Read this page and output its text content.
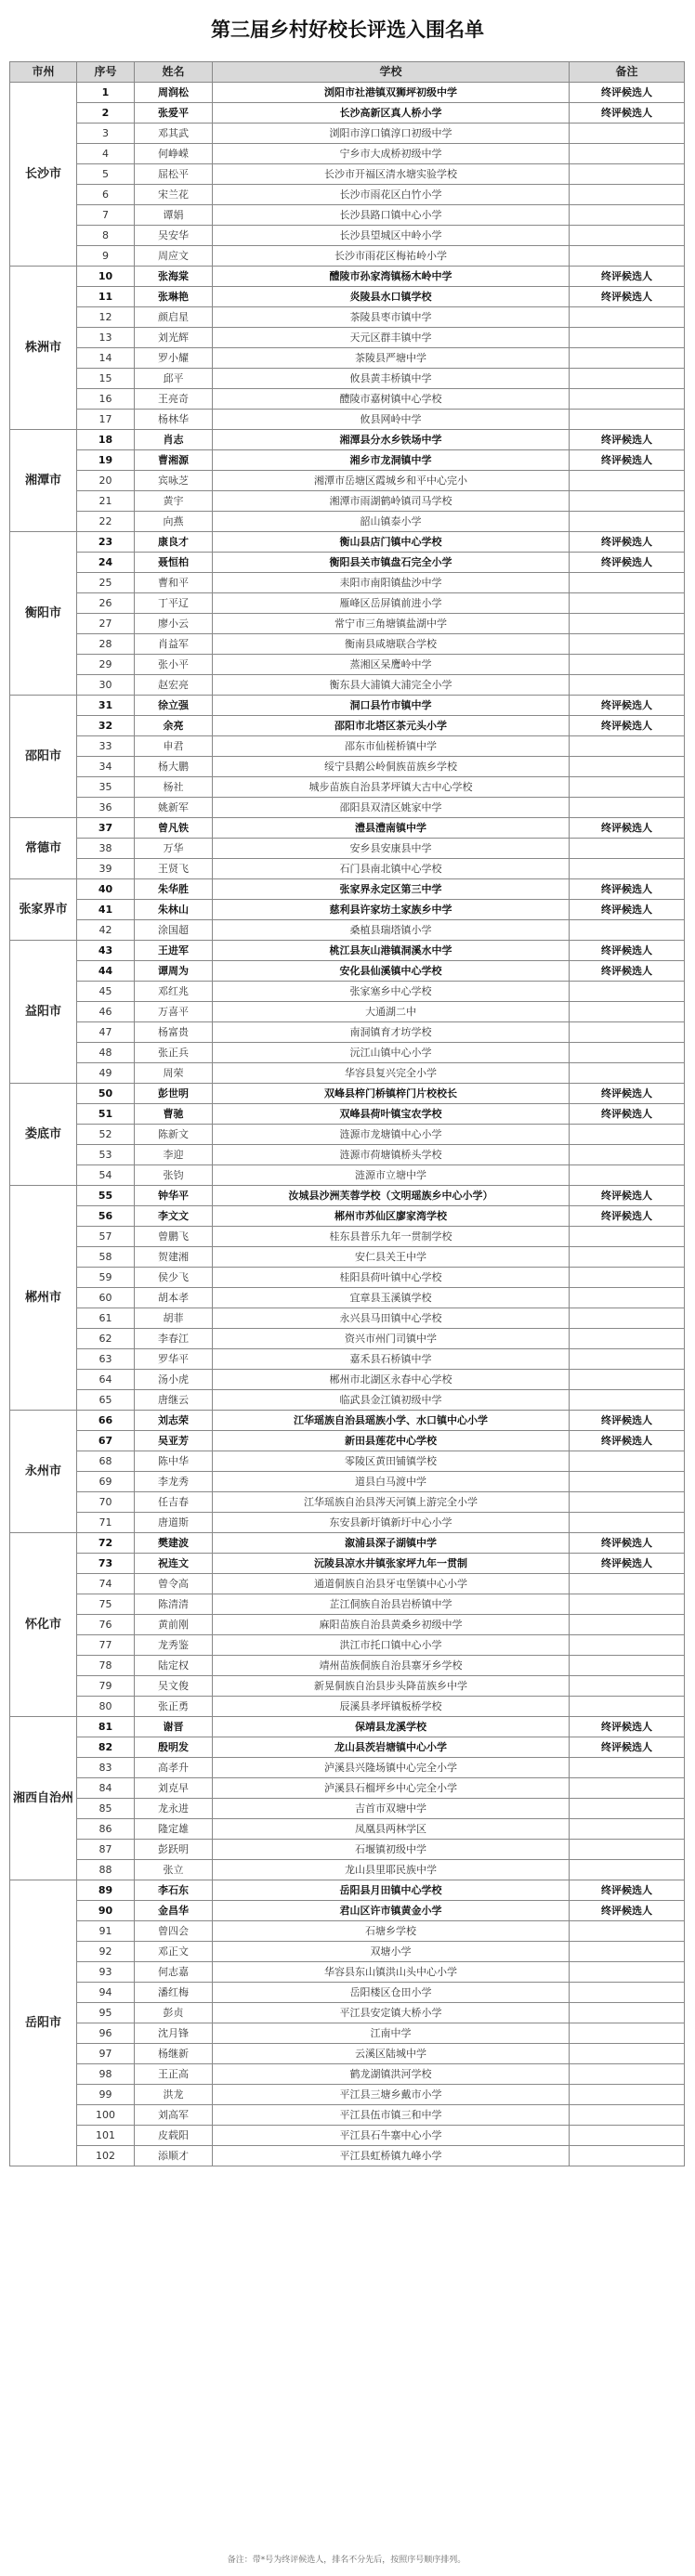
第三届乡村好校长评选入围名单
市州	序号	姓名	学校	备注
长沙市	1	周润松	浏阳市社港镇双狮坪初级中学	终评候选人
	2	张爱平	长沙高新区真人桥小学	终评候选人
	3	邓其武	浏阳市淳口镇淳口初级中学	
	4	何峥嵘	宁乡市大成桥初级中学	
	5	屈松平	长沙市开福区清水塘实验学校	
	6	宋兰花	长沙市雨花区白竹小学	
	7	谭娟	长沙县路口镇中心小学	
	8	吴安华	长沙县望城区中岭小学	
	9	周应文	长沙市雨花区梅祐岭小学	
株洲市	10	张海棠	醴陵市孙家湾镇杨木岭中学	终评候选人
	11	张琳艳	炎陵县水口镇学校	终评候选人
	12	颜启星	茶陵县枣市镇中学	
	13	刘光辉	天元区群丰镇中学	
	14	罗小耀	茶陵县严塘中学	
	15	邱平	攸县黄丰桥镇中学	
	16	王亮奇	醴陵市嘉树镇中心学校	
	17	杨林华	攸县网岭中学	
湘潭市	18	肖志	湘潭县分水乡铁场中学	终评候选人
	19	曹湘源	湘乡市龙洞镇中学	终评候选人
	20	宾咏芝	湘潭市岳塘区霞城乡和平中心完小	
	21	黄宇	湘潭市雨湖鹤岭镇司马学校	
	22	向燕	韶山镇泰小学	
衡阳市	23	康良才	衡山县店门镇中心学校	终评候选人
	24	聂恒柏	衡阳县关市镇盘石完全小学	终评候选人
	25	曹和平	耒阳市南阳镇盐沙中学	
	26	丁平辽	雁峰区岳屏镇前进小学	
	27	廖小云	常宁市三角塘镇盐湖中学	
	28	肖益军	衡南县咸塘联合学校	
	29	张小平	蒸湘区呆鹰岭中学	
	30	赵宏亮	衡东县大浦镇大浦完全小学	
邵阳市	31	徐立强	洞口县竹市镇中学	终评候选人
	32	余亮	邵阳市北塔区茶元头小学	终评候选人
	33	申君	邵东市仙槎桥镇中学	
	34	杨大鹏	绥宁县鹅公岭侗族苗族乡学校	
	35	杨社	城步苗族自治县茅坪镇大古中心学校	
	36	姚新军	邵阳县双清区姚家中学	
常德市	37	曾凡铁	澧县澧南镇中学	终评候选人
	38	万华	安乡县安康县中学	
	39	王贤飞	石门县南北镇中心学校	
张家界市	40	朱华胜	张家界永定区第三中学	终评候选人
	41	朱林山	慈利县许家坊土家族乡中学	终评候选人
	42	涂国超	桑植县瑞塔镇小学	
益阳市	43	王进军	桃江县灰山港镇洞溪水中学	终评候选人
	44	谭周为	安化县仙溪镇中心学校	终评候选人
	45	邓红兆	张家塞乡中心学校	
	46	万喜平	大通湖二中	
	47	杨富贵	南洞镇育才坊学校	
	48	张正兵	沅江山镇中心小学	
	49	周荣	华容县复兴完全小学	
娄底市	50	彭世明	双峰县梓门桥镇梓门片校校长	终评候选人
	51	曹驰	双峰县荷叶镇宝农学校	终评候选人
	52	陈新文	涟源市龙塘镇中心小学	
	53	李迎	涟源市荷塘镇桥头学校	
	54	张钧	涟源市立塘中学	
郴州市	55	钟华平	汝城县沙洲芙蓉学校（文明瑶族乡中心小学）	终评候选人
	56	李文文	郴州市苏仙区廖家湾学校	终评候选人
	57	曾鹏飞	桂东县普乐九年一贯制学校	
	58	贺建湘	安仁县关王中学	
	59	侯少飞	桂阳县荷叶镇中心学校	
	60	胡本孝	宜章县玉溪镇学校	
	61	胡菲	永兴县马田镇中心学校	
	62	李春江	资兴市州门司镇中学	
	63	罗华平	嘉禾县石桥镇中学	
	64	汤小虎	郴州市北湖区永春中心学校	
	65	唐继云	临武县金江镇初级中学	
永州市	66	刘志荣	江华瑶族自治县瑶族小学、水口镇中心小学	终评候选人
	67	吴亚芳	新田县莲花中心学校	终评候选人
	68	陈中华	零陵区黄田铺镇学校	
	69	李龙秀	道县白马渡中学	
	70	任吉春	江华瑶族自治县涔天河镇上游完全小学	
	71	唐道斯	东安县新圩镇新圩中心小学	
怀化市	72	樊建波	溆浦县深子湖镇中学	终评候选人
	73	祝连文	沅陵县凉水井镇张家坪九年一贯制	终评候选人
	74	曾令高	通道侗族自治县牙屯堡镇中心小学	
	75	陈清清	芷江侗族自治县岩桥镇中学	
	76	黄前刚	麻阳苗族自治县黄桑乡初级中学	
	77	龙秀鉴	洪江市托口镇中心小学	
	78	陆定权	靖州苗族侗族自治县寨牙乡学校	
	79	吴文俊	新晃侗族自治县步头降苗族乡中学	
	80	张正勇	辰溪县孝坪镇板桥学校	
湘西自治州	81	谢晋	保靖县龙溪学校	终评候选人
	82	殷明发	龙山县茨岩塘镇中心小学	终评候选人
	83	高孝升	泸溪县兴隆场镇中心完全小学	
	84	刘克早	泸溪县石榴坪乡中心完全小学	
	85	龙永进	吉首市双塘中学	
	86	隆定雄	凤凰县两林学区	
	87	彭跃明	石堰镇初级中学	
	88	张立	龙山县里耶民族中学	
岳阳市	89	李石东	岳阳县月田镇中心学校	终评候选人
	90	金昌华	君山区许市镇黄金小学	终评候选人
	91	曾四会	石塘乡学校	
	92	邓正文	双塘小学	
	93	何志嘉	华容县东山镇洪山头中心小学	
	94	潘红梅	岳阳楼区仓田小学	
	95	彭贞	平江县安定镇大桥小学	
	96	沈月锋	江南中学	
	97	杨继新	云溪区陆城中学	
	98	王正高	鹤龙湖镇洪河学校	
	99	洪龙	平江县三塘乡戴市小学	
	100	刘高军	平江县伍市镇三和中学	
	101	皮载阳	平江县石牛寨中心小学	
	102	添顺才	平江县虹桥镇九峰小学	
备注：带*号为终评候选人，排名不分先后，按照序号顺序排列。
